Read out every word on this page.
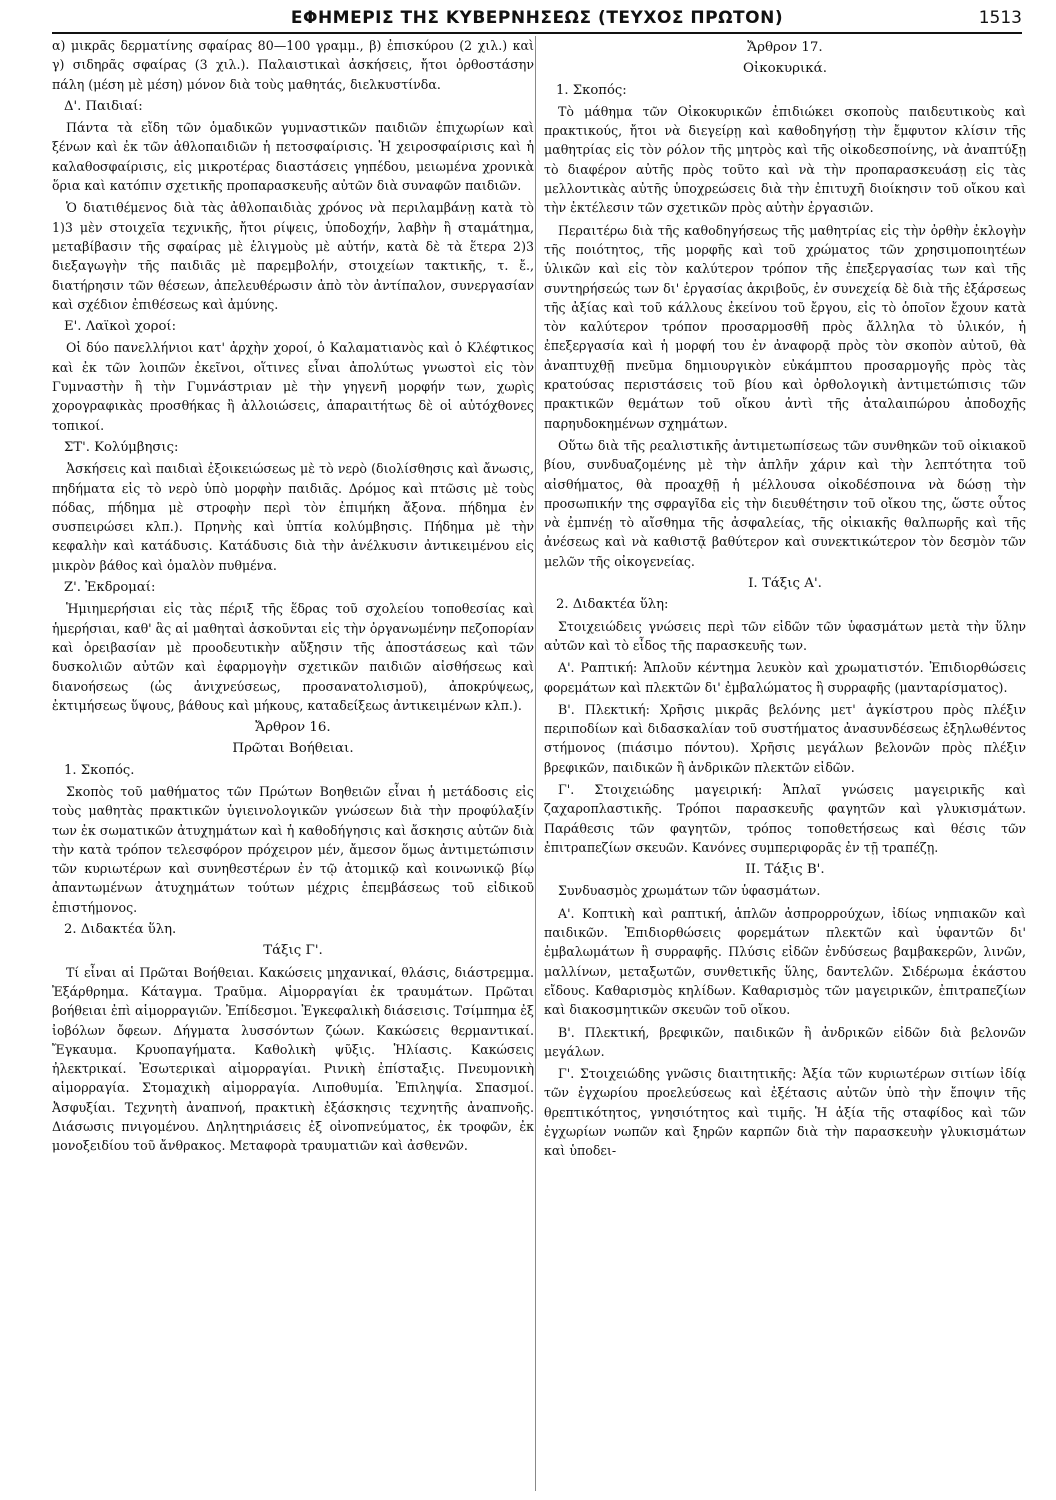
ΕΦΗΜΕΡΙΣ ΤΗΣ ΚΥΒΕΡΝΗΣΕΩΣ (ΤΕΥΧΟΣ ΠΡΩΤΟΝ)	1513

α) μικρᾶς δερματίνης σφαίρας 80—100 γραμμ., β) ἐπισκύρου (2 χιλ.) καὶ γ) σιδηρᾶς σφαίρας (3 χιλ.). Παλαιστικαὶ ἀσκήσεις, ἤτοι ὀρθοστάσην πάλη (μέση μὲ μέση) μόνον διὰ τοὺς μαθητάς, διελκυστίνδα.

Δ'. Παιδιαί:

Πάντα τὰ εἴδη τῶν ὁμαδικῶν γυμναστικῶν παιδιῶν ἐπιχωρίων καὶ ξένων καὶ ἐκ τῶν ἀθλοπαιδιῶν ἡ πετοσφαίρισις. Ἡ χειροσφαίρισις καὶ ἡ καλαθοσφαίρισις, εἰς μικροτέρας διαστάσεις γηπέδου, μειωμένα χρονικὰ ὅρια καὶ κατόπιν σχετικῆς προπαρασκευῆς αὐτῶν διὰ συναφῶν παιδιῶν.

Ὁ διατιθέμενος διὰ τὰς ἀθλοπαιδιὰς χρόνος νὰ περιλαμβάνῃ κατὰ τὸ 1)3 μὲν στοιχεῖα τεχνικῆς, ἤτοι ρίψεις, ὑποδοχήν, λαβὴν ἢ σταμάτημα, μεταβίβασιν τῆς σφαίρας μὲ ἑλιγμοὺς μὲ αὐτήν, κατὰ δὲ τὰ ἕτερα 2)3 διεξαγωγὴν τῆς παιδιᾶς μὲ παρεμβολήν, στοιχείων τακτικῆς, τ. ἔ., διατήρησιν τῶν θέσεων, ἀπελευθέρωσιν ἀπὸ τὸν ἀντίπαλον, συνεργασίαν καὶ σχέδιον ἐπιθέσεως καὶ ἀμύνης.

Ε'. Λαϊκοὶ χοροί:

Οἱ δύο πανελλήνιοι κατ' ἀρχὴν χοροί, ὁ Καλαματιανὸς καὶ ὁ Κλέφτικος καὶ ἐκ τῶν λοιπῶν ἐκεῖνοι, οἵτινες εἶναι ἀπολύτως γνωστοὶ εἰς τὸν Γυμναστὴν ἢ τὴν Γυμνάστριαν μὲ τὴν γηγενῆ μορφήν των, χωρὶς χορογραφικὰς προσθήκας ἢ ἀλλοιώσεις, ἀπαραιτήτως δὲ οἱ αὐτόχθονες τοπικοί.

ΣΤ'. Κολύμβησις:

Ἀσκήσεις καὶ παιδιαὶ ἐξοικειώσεως μὲ τὸ νερὸ (διολίσθησις καὶ ἄνωσις, πηδήματα εἰς τὸ νερὸ ὑπὸ μορφὴν παιδιᾶς. Δρόμος καὶ πτῶσις μὲ τοὺς πόδας, πήδημα μὲ στροφὴν περὶ τὸν ἐπιμήκη ἄξονα. πήδημα ἐν συσπειρώσει κλπ.). Πρηνὴς καὶ ὑπτία κολύμβησις. Πήδημα μὲ τὴν κεφαλὴν καὶ κατάδυσις. Κατάδυσις διὰ τὴν ἀνέλκυσιν ἀντικειμένου εἰς μικρὸν βάθος καὶ ὁμαλὸν πυθμένα.

Ζ'. Ἐκδρομαί:

Ἡμιημερήσιαι εἰς τὰς πέριξ τῆς ἕδρας τοῦ σχολείου τοποθεσίας καὶ ἡμερήσιαι, καθ' ἃς αἱ μαθηταὶ ἀσκοῦνται εἰς τὴν ὀργανωμένην πεζοπορίαν καὶ ὀρειβασίαν μὲ προοδευτικὴν αὔξησιν τῆς ἀποστάσεως καὶ τῶν δυσκολιῶν αὐτῶν καὶ ἐφαρμογὴν σχετικῶν παιδιῶν αἰσθήσεως καὶ διανοήσεως (ὡς ἀνιχνεύσεως, προσανατολισμοῦ), ἀποκρύψεως, ἐκτιμήσεως ὕψους, βάθους καὶ μήκους, καταδείξεως ἀντικειμένων κλπ.).

Ἄρθρον 16.
Πρῶται Βοήθειαι.
1. Σκοπός.

Σκοπὸς τοῦ μαθήματος τῶν Πρώτων Βοηθειῶν εἶναι ἡ μετάδοσις εἰς τοὺς μαθητὰς πρακτικῶν ὑγιεινολογικῶν γνώσεων διὰ τὴν προφύλαξίν των ἐκ σωματικῶν ἀτυχημάτων καὶ ἡ καθοδήγησις καὶ ἄσκησις αὐτῶν διὰ τὴν κατὰ τρόπον τελεσφόρον πρόχειρον μέν, ἄμεσον ὅμως ἀντιμετώπισιν τῶν κυριωτέρων καὶ συνηθεστέρων ἐν τῷ ἀτομικῷ καὶ κοινωνικῷ βίῳ ἀπαντωμένων ἀτυχημάτων τούτων μέχρις ἐπεμβάσεως τοῦ εἰδικοῦ ἐπιστήμονος.

2. Διδακτέα ὕλη.
Τάξις Γ'.

Τί εἶναι αἱ Πρῶται Βοήθειαι. Κακώσεις μηχανικαί, θλάσις, διάστρεμμα. Ἐξάρθρημα. Κάταγμα. Τραῦμα. Αἱμορραγίαι ἐκ τραυμάτων. Πρῶται βοήθειαι ἐπὶ αἱμορραγιῶν. Ἐπίδεσμοι. Ἐγκεφαλικὴ διάσεισις. Τσίμπημα ἐξ ἰοβόλων ὄφεων. Δήγματα λυσσόντων ζώων. Κακώσεις θερμαντικαί. Ἔγκαυμα. Κρυοπαγήματα. Καθολικὴ ψῦξις. Ἡλίασις. Κακώσεις ἠλεκτρικαί. Ἐσωτερικαὶ αἱμορραγίαι. Ρινικὴ ἐπίσταξις. Πνευμονικὴ αἱμορραγία. Στομαχικὴ αἱμορραγία. Λιποθυμία. Ἐπιληψία. Σπασμοί. Ἀσφυξίαι. Τεχνητὴ ἀναπνοή, πρακτικὴ ἐξάσκησις τεχνητῆς ἀναπνοῆς. Διάσωσις πνιγομένου. Δηλητηριάσεις ἐξ οἰνοπνεύματος, ἐκ τροφῶν, ἐκ μονοξειδίου τοῦ ἄνθρακος. Μεταφορὰ τραυματιῶν καὶ ἀσθενῶν.

Ἄρθρον 17.
Οἰκοκυρικά.
1. Σκοπός:

Τὸ μάθημα τῶν Οἰκοκυρικῶν ἐπιδιώκει σκοποὺς παιδευτικοὺς καὶ πρακτικούς, ἤτοι νὰ διεγείρῃ καὶ καθοδηγήσῃ τὴν ἔμφυτον κλίσιν τῆς μαθητρίας εἰς τὸν ρόλον τῆς μητρὸς καὶ τῆς οἰκοδεσποίνης, νὰ ἀναπτύξῃ τὸ διαφέρον αὐτῆς πρὸς τοῦτο καὶ νὰ τὴν προπαρασκευάσῃ εἰς τὰς μελλοντικὰς αὐτῆς ὑποχρεώσεις διὰ τὴν ἐπιτυχῆ διοίκησιν τοῦ οἴκου καὶ τὴν ἐκτέλεσιν τῶν σχετικῶν πρὸς αὐτὴν ἐργασιῶν.

Περαιτέρω διὰ τῆς καθοδηγήσεως τῆς μαθητρίας εἰς τὴν ὀρθὴν ἐκλογὴν τῆς ποιότητος, τῆς μορφῆς καὶ τοῦ χρώματος τῶν χρησιμοποιητέων ὑλικῶν καὶ εἰς τὸν καλύτερον τρόπον τῆς ἐπεξεργασίας των καὶ τῆς συντηρήσεώς των δι' ἐργασίας ἀκριβοῦς, ἐν συνεχείᾳ δὲ διὰ τῆς ἐξάρσεως τῆς ἀξίας καὶ τοῦ κάλλους ἐκείνου τοῦ ἔργου, εἰς τὸ ὁποῖον ἔχουν κατὰ τὸν καλύτερον τρόπον προσαρμοσθῆ πρὸς ἄλληλα τὸ ὑλικόν, ἡ ἐπεξεργασία καὶ ἡ μορφή του ἐν ἀναφορᾷ πρὸς τὸν σκοπὸν αὐτοῦ, θὰ ἀναπτυχθῇ πνεῦμα δημιουργικὸν εὐκάμπτου προσαρμογῆς πρὸς τὰς κρατούσας περιστάσεις τοῦ βίου καὶ ὀρθολογικὴ ἀντιμετώπισις τῶν πρακτικῶν θεμάτων τοῦ οἴκου ἀντὶ τῆς ἀταλαιπώρου ἀποδοχῆς παρηυδοκημένων σχημάτων.

Οὕτω διὰ τῆς ρεαλιστικῆς ἀντιμετωπίσεως τῶν συνθηκῶν τοῦ οἰκιακοῦ βίου, συνδυαζομένης μὲ τὴν ἁπλῆν χάριν καὶ τὴν λεπτότητα τοῦ αἰσθήματος, θὰ προαχθῇ ἡ μέλλουσα οἰκοδέσποινα νὰ δώσῃ τὴν προσωπικήν της σφραγῖδα εἰς τὴν διευθέτησιν τοῦ οἴκου της, ὥστε οὗτος νὰ ἐμπνέῃ τὸ αἴσθημα τῆς ἀσφαλείας, τῆς οἰκιακῆς θαλπωρῆς καὶ τῆς ἀνέσεως καὶ νὰ καθιστᾷ βαθύτερον καὶ συνεκτικώτερον τὸν δεσμὸν τῶν μελῶν τῆς οἰκογενείας.

I. Τάξις Α'.
2. Διδακτέα ὕλη:

Στοιχειώδεις γνώσεις περὶ τῶν εἰδῶν τῶν ὑφασμάτων μετὰ τὴν ὕλην αὐτῶν καὶ τὸ εἶδος τῆς παρασκευῆς των.

Α'. Ραπτική: Ἁπλοῦν κέντημα λευκὸν καὶ χρωματιστόν. Ἐπιδιορθώσεις φορεμάτων καὶ πλεκτῶν δι' ἐμβαλώματος ἢ συρραφῆς (μανταρίσματος).

Β'. Πλεκτική: Χρῆσις μικρᾶς βελόνης μετ' ἀγκίστρου πρὸς πλέξιν περιποδίων καὶ διδασκαλίαν τοῦ συστήματος ἀνασυνδέσεως ἐξηλωθέντος στήμονος (πιάσιμο πόντου). Χρῆσις μεγάλων βελονῶν πρὸς πλέξιν βρεφικῶν, παιδικῶν ἢ ἀνδρικῶν πλεκτῶν εἰδῶν.

Γ'. Στοιχειώδης μαγειρική: Ἁπλαῖ γνώσεις μαγειρικῆς καὶ ζαχαροπλαστικῆς. Τρόποι παρασκευῆς φαγητῶν καὶ γλυκισμάτων. Παράθεσις τῶν φαγητῶν, τρόπος τοποθετήσεως καὶ θέσις τῶν ἐπιτραπεζίων σκευῶν. Κανόνες συμπεριφορᾶς ἐν τῇ τραπέζῃ.

II. Τάξις Β'.

Συνδυασμὸς χρωμάτων τῶν ὑφασμάτων.

Α'. Κοπτικὴ καὶ ραπτική, ἁπλῶν ἀσπρορρούχων, ἰδίως νηπιακῶν καὶ παιδικῶν. Ἐπιδιορθώσεις φορεμάτων πλεκτῶν καὶ ὑφαντῶν δι' ἐμβαλωμάτων ἢ συρραφῆς. Πλύσις εἰδῶν ἐνδύσεως βαμβακερῶν, λινῶν, μαλλίνων, μεταξωτῶν, συνθετικῆς ὕλης, δαντελῶν. Σιδέρωμα ἑκάστου εἴδους. Καθαρισμὸς κηλίδων. Καθαρισμὸς τῶν μαγειρικῶν, ἐπιτραπεζίων καὶ διακοσμητικῶν σκευῶν τοῦ οἴκου.

Β'. Πλεκτική, βρεφικῶν, παιδικῶν ἢ ἀνδρικῶν εἰδῶν διὰ βελονῶν μεγάλων.

Γ'. Στοιχειώδης γνῶσις διαιτητικῆς: Ἀξία τῶν κυριωτέρων σιτίων ἰδίᾳ τῶν ἐγχωρίου προελεύσεως καὶ ἐξέτασις αὐτῶν ὑπὸ τὴν ἔποψιν τῆς θρεπτικότητος, γνησιότητος καὶ τιμῆς. Ἡ ἀξία τῆς σταφίδος καὶ τῶν ἐγχωρίων νωπῶν καὶ ξηρῶν καρπῶν διὰ τὴν παρασκευὴν γλυκισμάτων καὶ ὑποδει-
